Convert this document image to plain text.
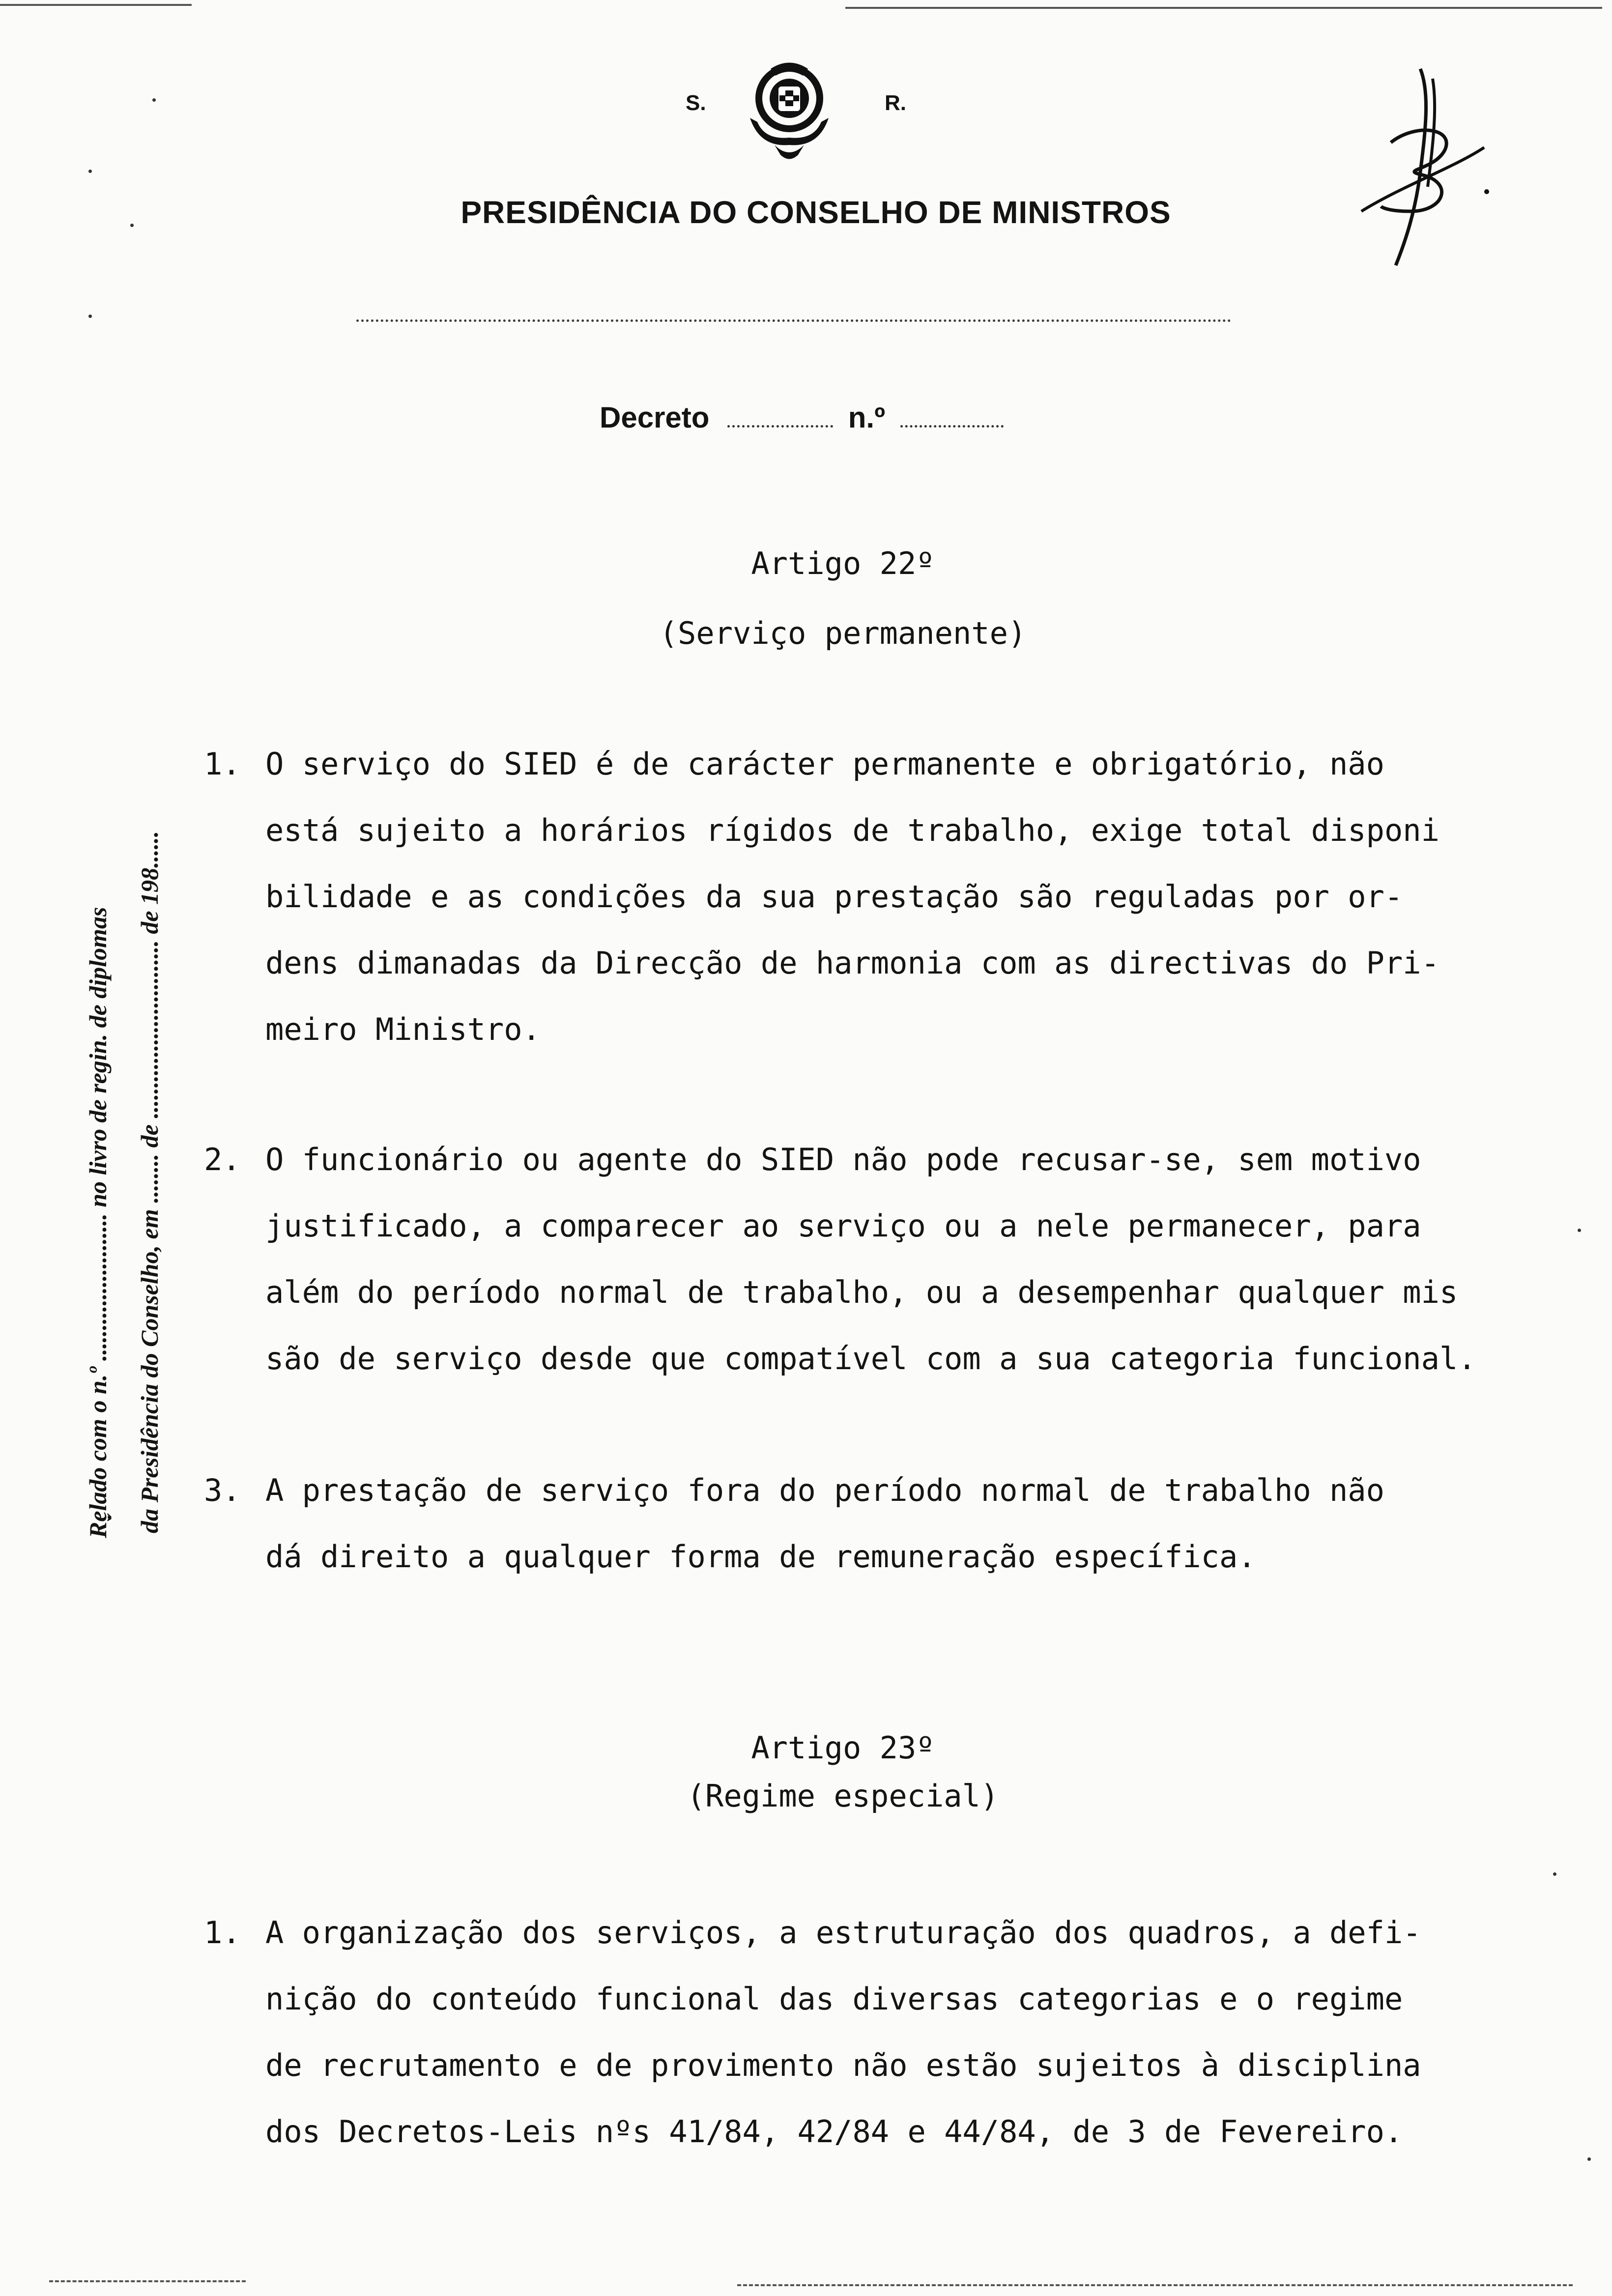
S.	R.
PRESIDÊNCIA DO CONSELHO DE MINISTROS
Decreto	n.º
Re̬̣lado com o n.º ........................ no livro de regin. de diplomas da Presidência do Conselho, em ........ de ............................. de 198......
Artigo 22º
(Serviço permanente)
1. O serviço do SIED é de carácter permanente e obrigatório, não
está sujeito a horários rígidos de trabalho, exige total disponi
bilidade e as condições da sua prestação são reguladas por or-
dens dimanadas da Direcção de harmonia com as directivas do Pri-
meiro Ministro.
2. O funcionário ou agente do SIED não pode recusar-se, sem motivo
justificado, a comparecer ao serviço ou a nele permanecer, para
além do período normal de trabalho, ou a desempenhar qualquer mis
são de serviço desde que compatível com a sua categoria funcional.
3. A prestação de serviço fora do período normal de trabalho não
dá direito a qualquer forma de remuneração específica.
Artigo 23º
(Regime especial)
1. A organização dos serviços, a estruturação dos quadros, a defi-
nição do conteúdo funcional das diversas categorias e o regime
de recrutamento e de provimento não estão sujeitos à disciplina
dos Decretos-Leis nºs 41/84, 42/84 e 44/84, de 3 de Fevereiro.
